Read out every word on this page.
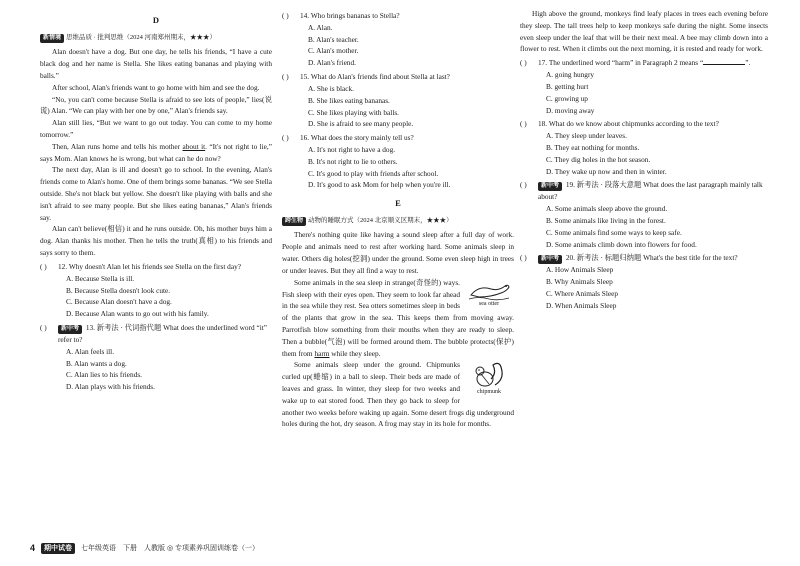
D
新情境 思维品质 · 批判思维（2024 河南郑州期末，★★★）

Alan doesn't have a dog. But one day, he tells his friends, “I have a cute black dog and her name is Stella. She likes eating bananas and playing with balls.”

After school, Alan's friends want to go home with him and see the dog.

“No, you can't come because Stella is afraid to see lots of people,” lies(说谎) Alan. “We can play with her one by one,” Alan's friends say.

Alan still lies, “But we want to go out today. You can come to my home tomorrow.”

Then, Alan runs home and tells his mother about it. “It's not right to lie,” says Mom. Alan knows he is wrong, but what can he do now?

The next day, Alan is ill and doesn't go to school. In the evening, Alan's friends come to Alan's home. One of them brings some bananas. “We see Stella outside. She's not black but yellow. She doesn't like playing with balls and she isn't afraid to see many people. But she likes eating bananas,” Alan's friends say.

Alan can't believe(相信) it and he runs outside. Oh, his mother buys him a dog. Alan thanks his mother. Then he tells the truth(真相) to his friends and says sorry to them.

( ) 12. Why doesn't Alan let his friends see Stella on the first day?
A. Because Stella is ill.
B. Because Stella doesn't look cute.
C. Because Alan doesn't have a dog.
D. Because Alan wants to go out with his family.
( ) 新中考 13. 新考法 · 代词指代题 What does the underlined word “it” refer to?
A. Alan feels ill.
B. Alan wants a dog.
C. Alan lies to his friends.
D. Alan plays with his friends.
( ) 14. Who brings bananas to Stella?
A. Alan.
B. Alan's teacher.
C. Alan's mother.
D. Alan's friend.
( ) 15. What do Alan's friends find about Stella at last?
A. She is black.
B. She likes eating bananas.
C. She likes playing with balls.
D. She is afraid to see many people.
( ) 16. What does the story mainly tell us?
A. It's not right to have a dog.
B. It's not right to lie to others.
C. It's good to play with friends after school.
D. It's good to ask Mom for help when you're ill.
E
跨生物 动物的睡眠方式（2024 北京顺义区期末，★★★）

There's nothing quite like having a sound sleep after a full day of work. People and animals need to rest after working hard. Some animals sleep in water. Others dig holes(挖洞) under the ground. Some even sleep high in trees or under leaves. But they all find a way to rest.

sea otter

Some animals in the sea sleep in strange(奇怪的) ways. Fish sleep with their eyes open. They seem to look far ahead in the sea while they rest. Sea otters sometimes sleep in beds of the plants that grow in the sea. This keeps them from moving away. Parrotfish blow something from their mouths when they are ready to sleep. Then a bubble(气泡) will be formed around them. The bubble protects(保护) them from harm while they sleep.

chipmunk

Some animals sleep under the ground. Chipmunks curled up(蜷缩) in a ball to sleep. Their beds are made of leaves and grass. In winter, they sleep for two weeks and wake up to eat stored food. Then they go back to sleep for another two weeks before waking up again. Some desert frogs dig underground holes during the hot, dry season. A frog may stay in its hole for months.

High above the ground, monkeys find leafy places in trees each evening before they sleep. The tall trees help to keep monkeys safe during the night. Some insects even sleep under the leaf that will be their next meal. A bee may climb down into a flower to rest. When it climbs out the next morning, it is rested and ready for work.

( ) 17. The underlined word “harm” in Paragraph 2 means “	”.
A. going hungry
B. getting hurt
C. growing up
D. moving away
( ) 18. What do we know about chipmunks according to the text?
A. They sleep under leaves.
B. They eat nothing for months.
C. They dig holes in the hot season.
D. They wake up now and then in winter.
( ) 新中考 19. 新考法 · 段落大意题 What does the last paragraph mainly talk about?
A. Some animals sleep above the ground.
B. Some animals like living in the forest.
C. Some animals find some ways to keep safe.
D. Some animals climb down into flowers for food.
( ) 新中考 20. 新考法 · 标题归纳题 What's the best title for the text?
A. How Animals Sleep
B. Why Animals Sleep
C. Where Animals Sleep
D. When Animals Sleep
4	期中试卷	七年级英语　下册　人教版 ◎ 专项素养巩固训练卷（一）
